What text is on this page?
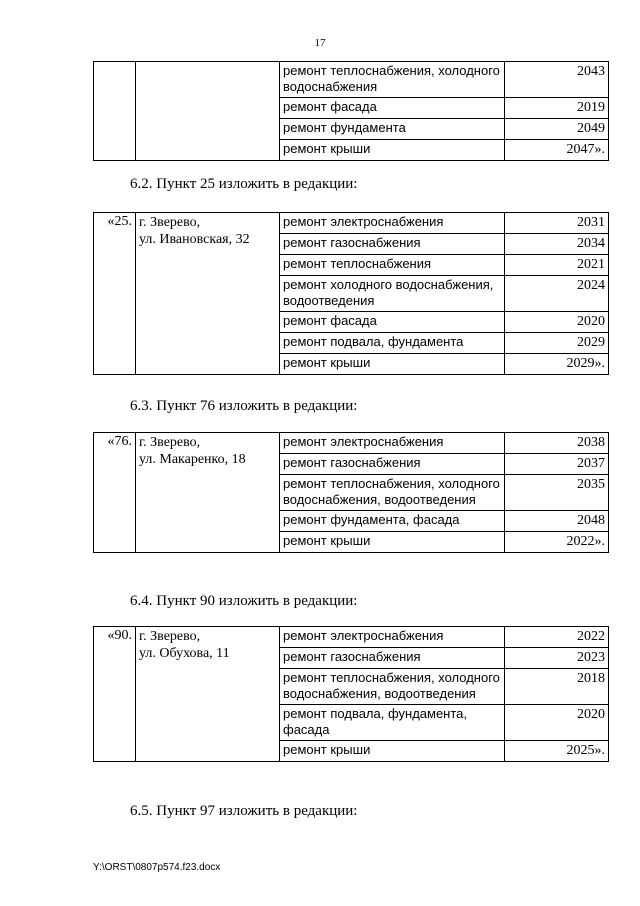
17
		ремонт теплоснабжения, холодного водоснабжения	2043
		ремонт фасада	2019
		ремонт фундамента	2049
		ремонт крыши	2047».
6.2. Пункт 25 изложить в редакции:
«25.	г. Зверево,
ул. Ивановская, 32	ремонт электроснабжения	2031
		ремонт газоснабжения	2034
		ремонт теплоснабжения	2021
		ремонт холодного водоснабжения, водоотведения	2024
		ремонт фасада	2020
		ремонт подвала, фундамента	2029
		ремонт крыши	2029».
6.3. Пункт 76 изложить в редакции:
«76.	г. Зверево,
ул. Макаренко, 18	ремонт электроснабжения	2038
		ремонт газоснабжения	2037
		ремонт теплоснабжения, холодного водоснабжения, водоотведения	2035
		ремонт фундамента, фасада	2048
		ремонт крыши	2022».
6.4. Пункт 90 изложить в редакции:
«90.	г. Зверево,
ул. Обухова, 11	ремонт электроснабжения	2022
		ремонт газоснабжения	2023
		ремонт теплоснабжения, холодного водоснабжения, водоотведения	2018
		ремонт подвала, фундамента, фасада	2020
		ремонт крыши	2025».
6.5. Пункт 97 изложить в редакции:
Y:\ORST\0807p574.f23.docx
